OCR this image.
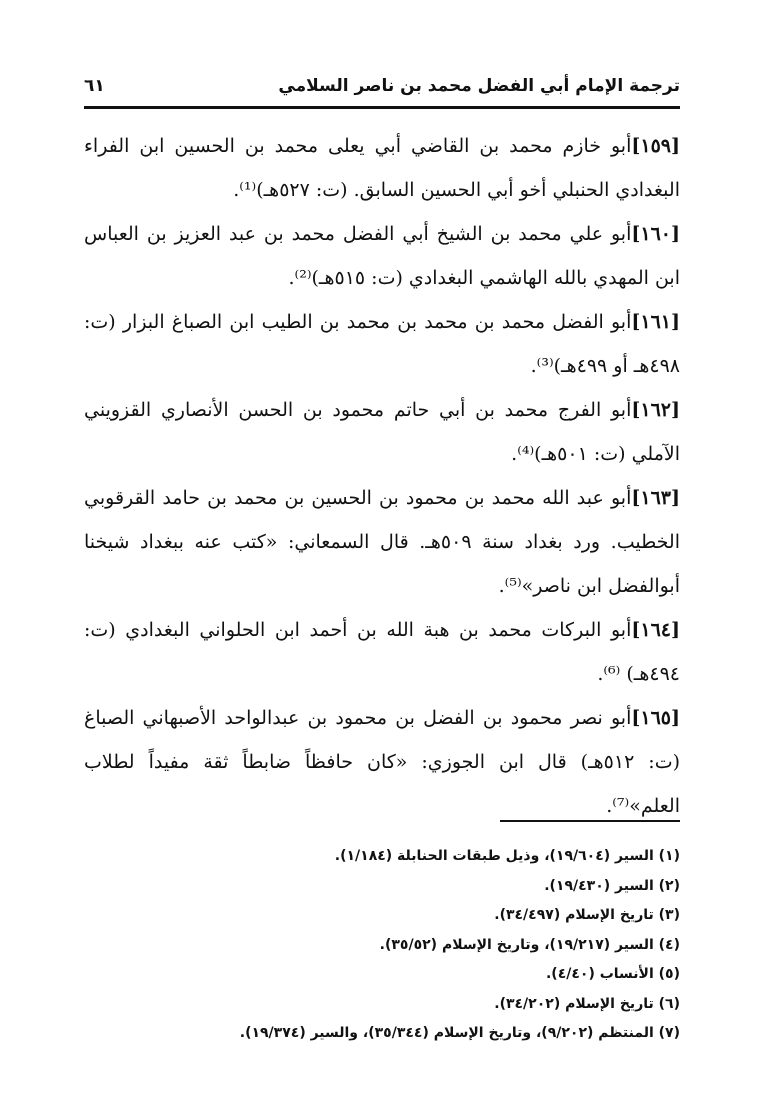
ترجمة الإمام أبي الفضل محمد بن ناصر السلامي
٦١

[١٥٩]أبو خازم محمد بن القاضي أبي يعلى محمد بن الحسين ابن الفراء البغدادي الحنبلي أخو أبي الحسين السابق. (ت: ٥٢٧هـ)⁽¹⁾.

[١٦٠]أبو علي محمد بن الشيخ أبي الفضل محمد بن عبد العزيز بن العباس ابن المهدي بالله الهاشمي البغدادي (ت: ٥١٥هـ)⁽²⁾.

[١٦١]أبو الفضل محمد بن محمد بن محمد بن الطيب ابن الصباغ البزار (ت: ٤٩٨هـ أو ٤٩٩هـ)⁽³⁾.

[١٦٢]أبو الفرج محمد بن أبي حاتم محمود بن الحسن الأنصاري القزويني الآملي (ت: ٥٠١هـ)⁽⁴⁾.

[١٦٣]أبو عبد الله محمد بن محمود بن الحسين بن محمد بن حامد القرقوبي الخطيب. ورد بغداد سنة ٥٠٩هـ. قال السمعاني: «كتب عنه ببغداد شيخنا أبوالفضل ابن ناصر»⁽⁵⁾.

[١٦٤]أبو البركات محمد بن هبة الله بن أحمد ابن الحلواني البغدادي (ت: ٤٩٤هـ) ⁽⁶⁾.

[١٦٥]أبو نصر محمود بن الفضل بن محمود بن عبدالواحد الأصبهاني الصباغ (ت: ٥١٢هـ) قال ابن الجوزي: «كان حافظاً ضابطاً ثقة مفيداً لطلاب العلم»⁽⁷⁾.

(١) السير (١٩/٦٠٤)، وذيل طبقات الحنابلة (١/١٨٤).
(٢) السير (١٩/٤٣٠).
(٣) تاريخ الإسلام (٣٤/٤٩٧).
(٤) السير (١٩/٢١٧)، وتاريخ الإسلام (٣٥/٥٢).
(٥) الأنساب (٤/٤٠).
(٦) تاريخ الإسلام (٣٤/٢٠٢).
(٧) المنتظم (٩/٢٠٢)، وتاريخ الإسلام (٣٥/٣٤٤)، والسير (١٩/٣٧٤).
